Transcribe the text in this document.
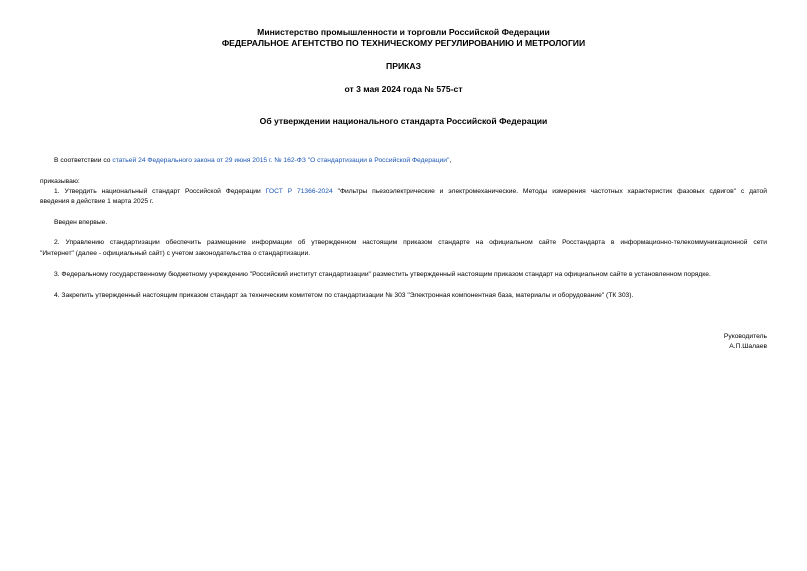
Министерство промышленности и торговли Российской Федерации
ФЕДЕРАЛЬНОЕ АГЕНТСТВО ПО ТЕХНИЧЕСКОМУ РЕГУЛИРОВАНИЮ И МЕТРОЛОГИИ
ПРИКАЗ
от 3 мая 2024 года № 575-ст
Об утверждении национального стандарта Российской Федерации
В соответствии со статьей 24 Федерального закона от 29 июня 2015 г. № 162-ФЗ "О стандартизации в Российской Федерации",
приказываю:
1. Утвердить национальный стандарт Российской Федерации ГОСТ Р 71366-2024 "Фильтры пьезоэлектрические и электромеханические. Методы измерения частотных характеристик фазовых сдвигов" с датой
введения в действие 1 марта 2025 г.
Введен впервые.
2. Управлению стандартизации обеспечить размещение информации об утвержденном настоящим приказом стандарте на официальном сайте Росстандарта в информационно-телекоммуникационной сети
"Интернет" (далее - официальный сайт) с учетом законодательства о стандартизации.
3. Федеральному государственному бюджетному учреждению "Российский институт стандартизации" разместить утвержденный настоящим приказом стандарт на официальном сайте в установленном порядке.
4. Закрепить утвержденный настоящим приказом стандарт за техническим комитетом по стандартизации № 303 "Электронная компонентная база, материалы и оборудование" (ТК 303).
Руководитель
А.П.Шалаев
